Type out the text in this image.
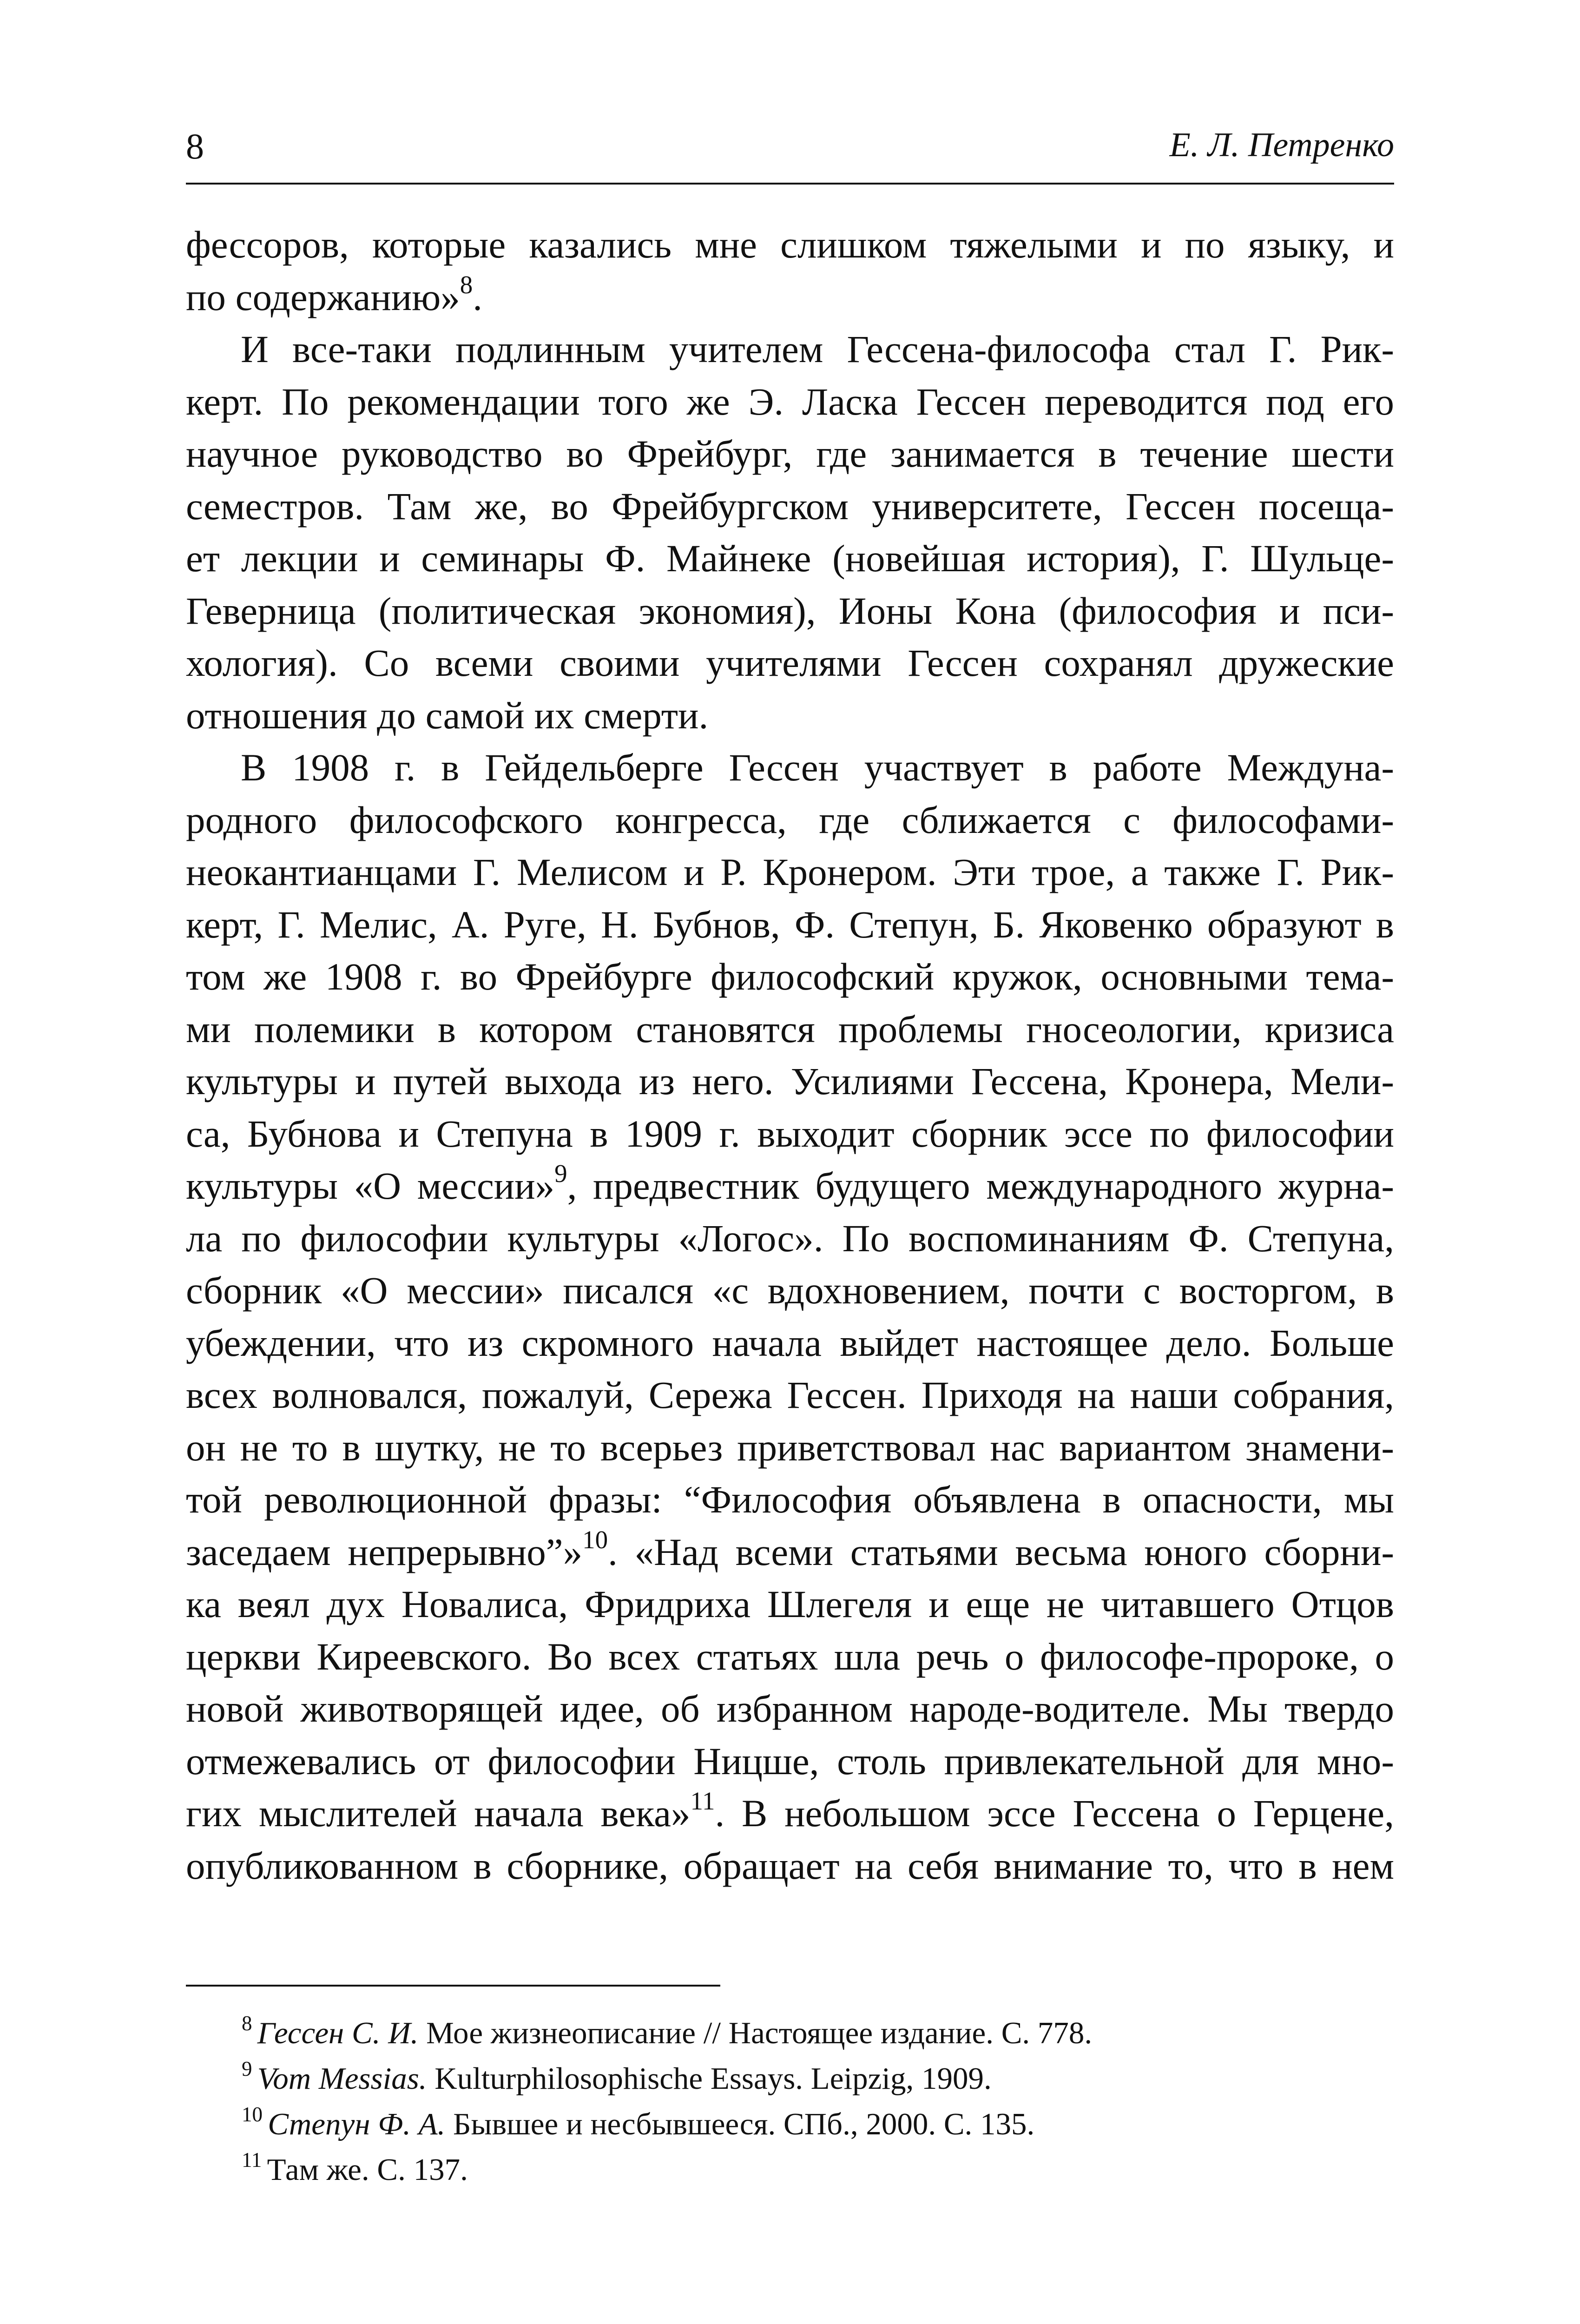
8	Е. Л. Петренко
фессоров, которые казались мне слишком тяжелыми и по языку, и
по содержанию»$^8$.
И все-таки подлинным учителем Гессена-философа стал Г. Рик-
керт. По рекомендации того же Э. Ласка Гессен переводится под его
научное руководство во Фрейбург, где занимается в течение шести
семестров. Там же, во Фрейбургском университете, Гессен посеща-
ет лекции и семинары Ф. Майнеке (новейшая история), Г. Шульце-
Геверница (политическая экономия), Ионы Кона (философия и пси-
хология). Со всеми своими учителями Гессен сохранял дружеские
отношения до самой их смерти.
В 1908 г. в Гейдельберге Гессен участвует в работе Междуна-
родного философского конгресса, где сближается с философами-
неокантианцами Г. Мелисом и Р. Кронером. Эти трое, а также Г. Рик-
керт, Г. Мелис, А. Руге, Н. Бубнов, Ф. Степун, Б. Яковенко образуют в
том же 1908 г. во Фрейбурге философский кружок, основными тема-
ми полемики в котором становятся проблемы гносеологии, кризиса
культуры и путей выхода из него. Усилиями Гессена, Кронера, Мели-
са, Бубнова и Степуна в 1909 г. выходит сборник эссе по философии
культуры «О мессии»$^9$, предвестник будущего международного журна-
ла по философии культуры «Логос». По воспоминаниям Ф. Степуна,
сборник «О мессии» писался «с вдохновением, почти с восторгом, в
убеждении, что из скромного начала выйдет настоящее дело. Больше
всех волновался, пожалуй, Сережа Гессен. Приходя на наши собрания,
он не то в шутку, не то всерьез приветствовал нас вариантом знамени-
той революционной фразы: “Философия объявлена в опасности, мы
заседаем непрерывно”»$^{10}$. «Над всеми статьями весьма юного сборни-
ка веял дух Новалиса, Фридриха Шлегеля и еще не читавшего Отцов
церкви Киреевского. Во всех статьях шла речь о философе-пророке, о
новой животворящей идее, об избранном народе-водителе. Мы твердо
отмежевались от философии Ницше, столь привлекательной для мно-
гих мыслителей начала века»$^{11}$. В небольшом эссе Гессена о Герцене,
опубликованном в сборнике, обращает на себя внимание то, что в нем
$^8$ Гессен С. И. Мое жизнеописание // Настоящее издание. С. 778.
$^9$ Vom Messias. Kulturphilosophische Essays. Leipzig, 1909.
$^{10}$ Степун Ф. А. Бывшее и несбывшееся. СПб., 2000. С. 135.
$^{11}$ Там же. С. 137.
